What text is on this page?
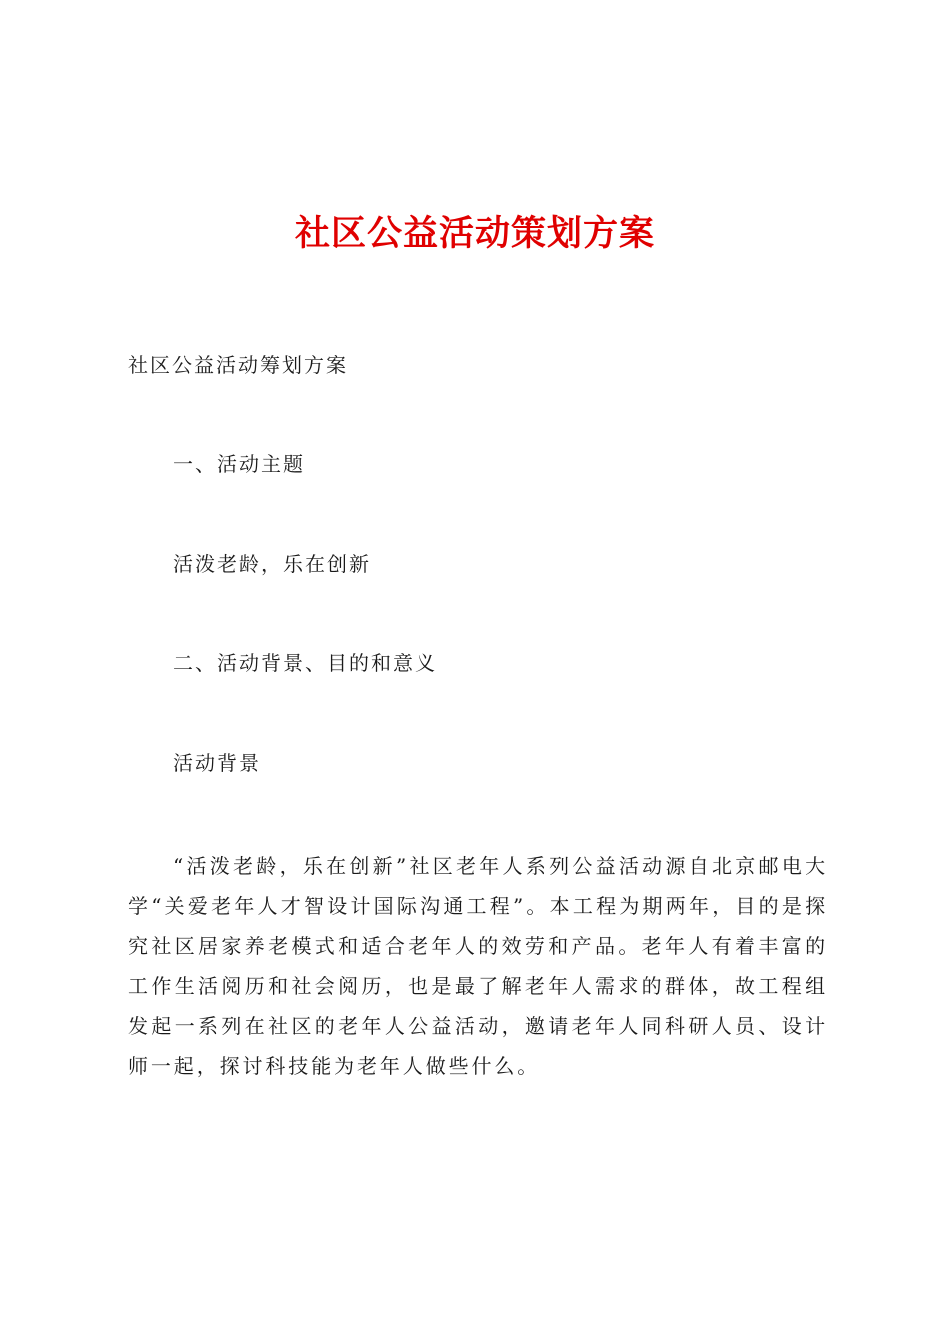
社区公益活动策划方案
社区公益活动筹划方案
一、活动主题
活泼老龄，乐在创新
二、活动背景、目的和意义
活动背景

“活泼老龄，乐在创新”社区老年人系列公益活动源自北京邮电大学“关爱老年人才智设计国际沟通工程”。本工程为期两年，目的是探究社区居家养老模式和适合老年人的效劳和产品。老年人有着丰富的工作生活阅历和社会阅历，也是最了解老年人需求的群体，故工程组发起一系列在社区的老年人公益活动，邀请老年人同科研人员、设计师一起，探讨科技能为老年人做些什么。
